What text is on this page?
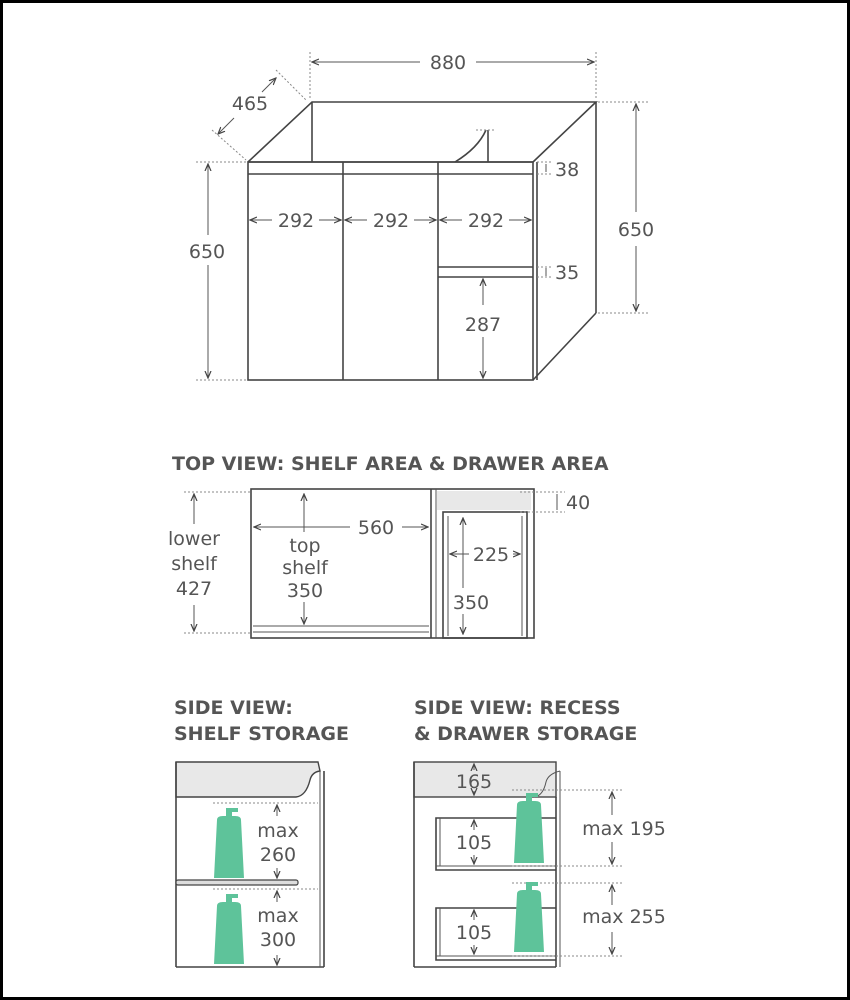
880
465
650
650
38
292	292	292
35
287
TOP VIEW: SHELF AREA & DRAWER AREA
lower
shelf
427
top
shelf
350
560
40
225
350
SIDE VIEW:
SHELF STORAGE
max
260
max
300
SIDE VIEW: RECESS
& DRAWER STORAGE
165
105
105
max 195
max 255
